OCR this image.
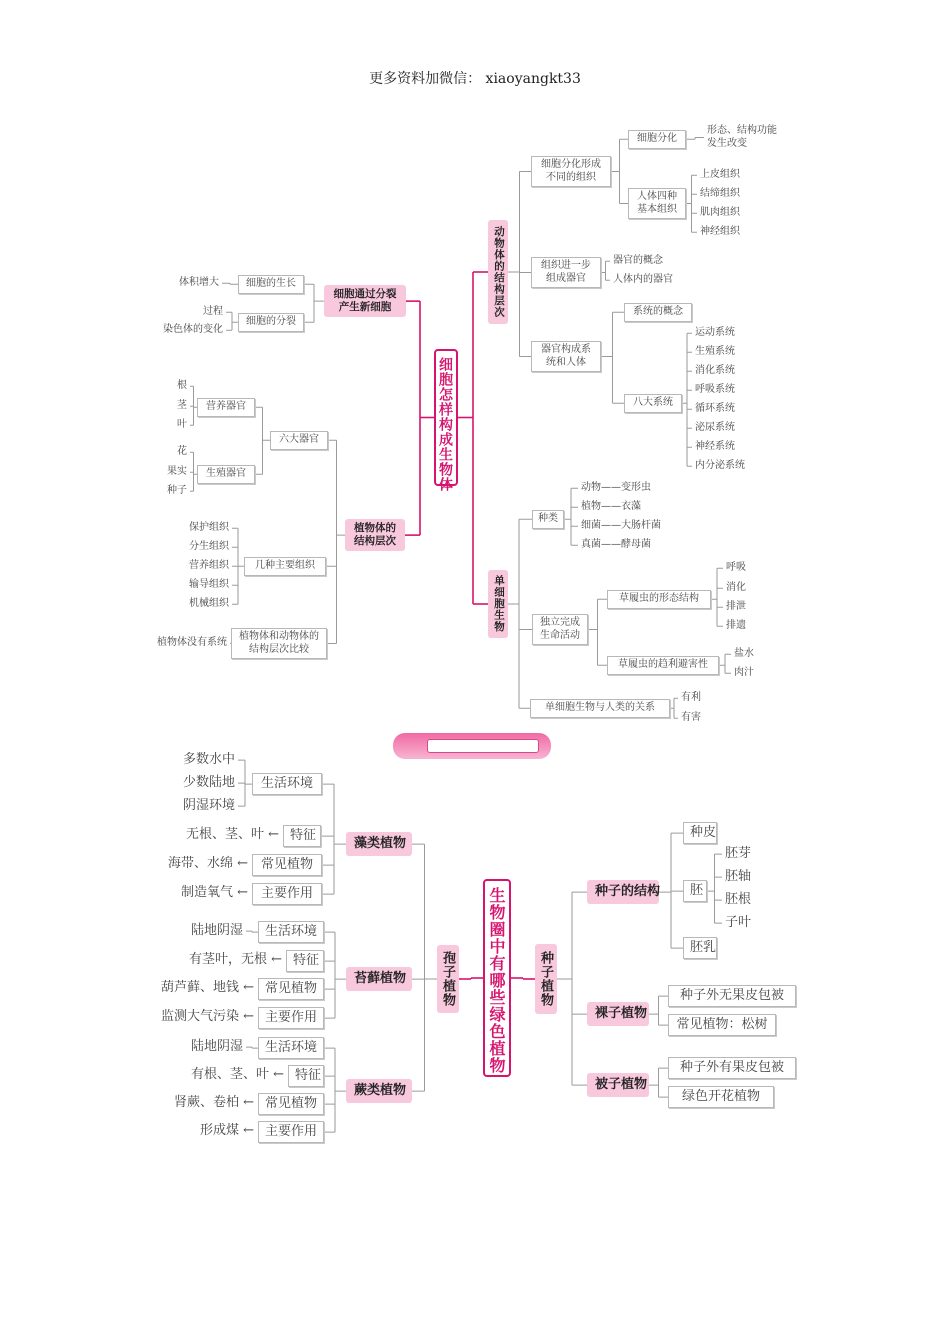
更多资料加微信： xiaoyangkt33
细胞怎样构成生物体
细胞通过分裂产生新细胞
细胞的生长
体积增大
细胞的分裂
过程
染色体的变化
植物体的结构层次
六大器官
营养器官
生殖器官
根
茎
叶
花
果实
种子
几种主要组织
保护组织
分生组织
营养组织
输导组织
机械组织
植物体和动物体的结构层次比较
植物体没有系统
动物体的结构层次
细胞分化形成不同的组织
细胞分化
形态、结构功能发生改变
人体四种基本组织
上皮组织
结缔组织
肌肉组织
神经组织
组织进一步组成器官
器官的概念
人体内的器官
器官构成系统和人体
系统的概念
八大系统
运动系统
生殖系统
消化系统
呼吸系统
循环系统
泌尿系统
神经系统
内分泌系统
单细胞生物
种类
动物——变形虫
植物——衣藻
细菌——大肠杆菌
真菌——酵母菌
独立完成生命活动
草履虫的形态结构
呼吸
消化
排泄
排遗
草履虫的趋利避害性
盐水
肉汁
单细胞生物与人类的关系
有利
有害
生物圈中有哪些绿色植物
孢子植物
藻类植物
生活环境
特征
常见植物
主要作用
多数水中
少数陆地
阴湿环境
无根、茎、叶 ←
海带、水绵 ←
制造氧气 ←
苔藓植物
生活环境
特征
常见植物
主要作用
陆地阴湿
有茎叶，无根 ←
葫芦藓、地钱 ←
监测大气污染 ←
蕨类植物
生活环境
特征
常见植物
主要作用
陆地阴湿
有根、茎、叶 ←
肾蕨、卷柏 ←
形成煤 ←
种子植物
种子的结构
种皮
胚
胚乳
胚芽
胚轴
胚根
子叶
裸子植物
种子外无果皮包被
常见植物：松树
被子植物
种子外有果皮包被
绿色开花植物
